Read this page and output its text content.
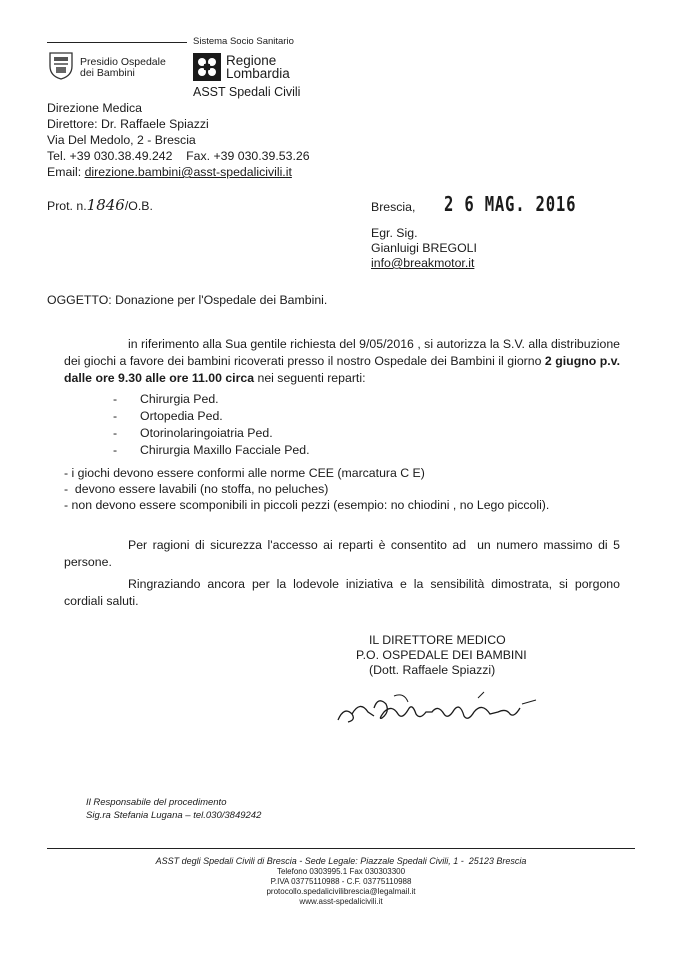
Sistema Socio Sanitario
Presidio Ospedale
dei Bambini
Regione
Lombardia
ASST Spedali Civili
Direzione Medica
Direttore: Dr. Raffaele Spiazzi
Via Del Medolo, 2 - Brescia
Tel. +39 030.38.49.242    Fax. +39 030.39.53.26
Email: direzione.bambini@asst-spedalicivili.it
Prot. n.1846/O.B.	Brescia, 2 6 MAG. 2016
Egr. Sig.
Gianluigi BREGOLI
info@breakmotor.it
OGGETTO: Donazione per l'Ospedale dei Bambini.
in riferimento alla Sua gentile richiesta del 9/05/2016 , si autorizza la S.V. alla distribuzione dei giochi a favore dei bambini ricoverati presso il nostro Ospedale dei Bambini il giorno 2 giugno p.v. dalle ore 9.30 alle ore 11.00 circa nei seguenti reparti:
- Chirurgia Ped.
- Ortopedia Ped.
- Otorinolaringoiatria Ped.
- Chirurgia Maxillo Facciale Ped.
- i giochi devono essere conformi alle norme CEE (marcatura C E)
-  devono essere lavabili (no stoffa, no peluches)
- non devono essere scomponibili in piccoli pezzi (esempio: no chiodini , no Lego piccoli).
Per ragioni di sicurezza l'accesso ai reparti è consentito ad  un numero massimo di 5 persone.
Ringraziando ancora per la lodevole iniziativa e la sensibilità dimostrata, si porgono cordiali saluti.
IL DIRETTORE MEDICO
P.O. OSPEDALE DEI BAMBINI
(Dott. Raffaele Spiazzi)
Il Responsabile del procedimento
Sig.ra Stefania Lugana – tel.030/3849242
ASST degli Spedali Civili di Brescia - Sede Legale: Piazzale Spedali Civili, 1 -  25123 Brescia
Telefono 0303995.1 Fax 030303300
P.IVA 03775110988 - C.F. 03775110988
protocollo.spedalicivilibrescia@legalmail.it
www.asst-spedalicivili.it
